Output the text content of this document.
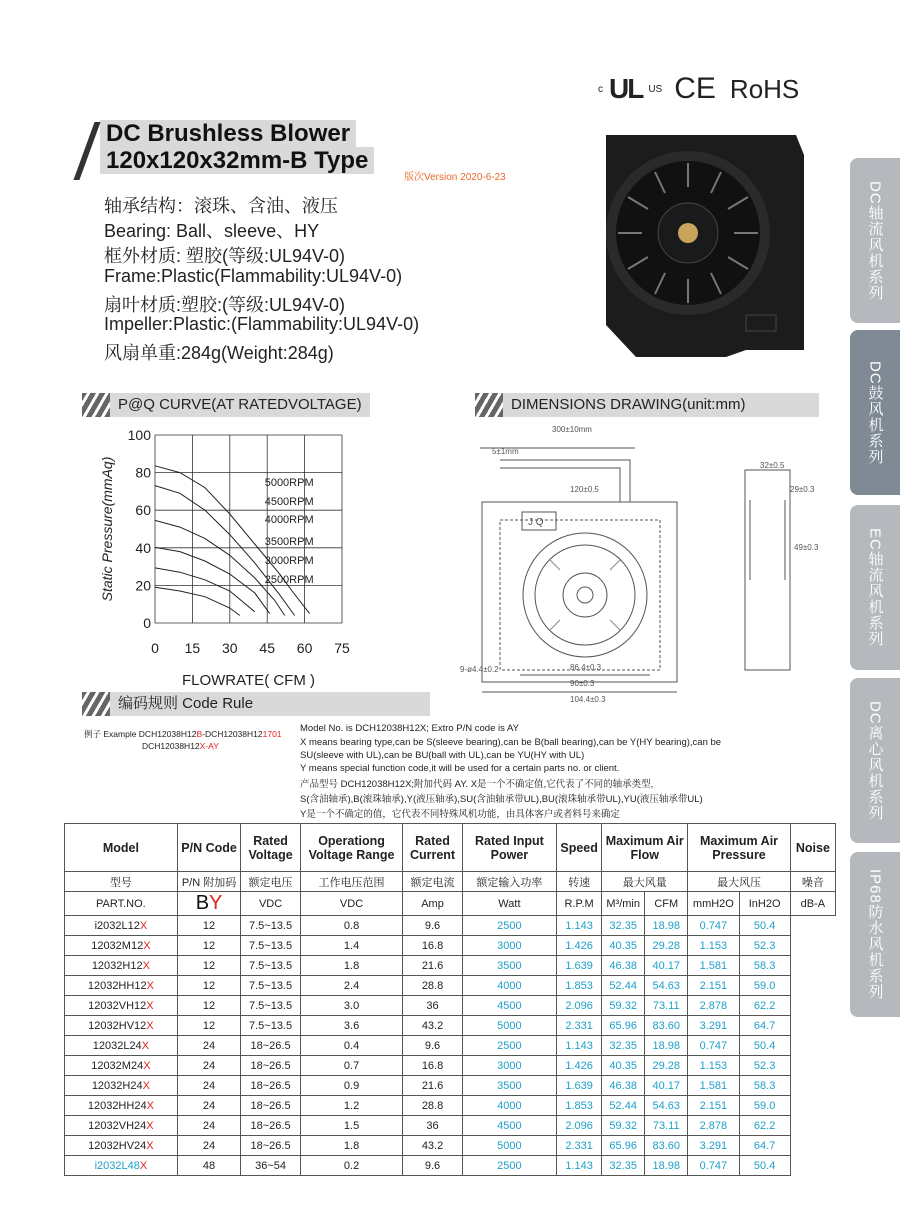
c UL US CE RoHS
DC Brushless Blower
120x120x32mm-B Type
版次Version 2020-6-23
轴承结构：滚珠、含油、液压
Bearing: Ball、sleeve、HY
框外材质: 塑胶(等级:UL94V-0)
Frame:Plastic(Flammability:UL94V-0)
扇叶材质:塑胶:(等级:UL94V-0)
Impeller:Plastic:(Flammability:UL94V-0)
风扇单重:284g(Weight:284g)
DC轴流风机系列
DC鼓风机系列
EC轴流风机系列
DC离心风机系列
IP68防水风机系列
P@Q CURVE(AT RATEDVOLTAGE)	DIMENSIONS DRAWING(unit:mm)
编码规则 Code Rule
0 15 30 45 60 75
0
20
40
60
80
100
5000RPM
4500RPM
4000RPM
3500RPM
3000RPM
2500RPM
FLOWRATE( CFM )
Static Pressure(mmAq)
300±10mm
5±1mm
32±0.5
120±0.5	29±0.3
49±0.3
86.4±0.3
90±0.3
104.4±0.3
9-ø4.4±0.2
J Q
例子 Example DCH12038H12B-DCH12038H121701
DCH12038H12X-AY
Model No. is DCH12038H12X; Extro P/N code is AY
X means bearing type,can be S(sleeve bearing),can be B(ball bearing),can be Y(HY bearing),can be
SU(sleeve with UL),can be BU(ball with UL),can be YU(HY with UL)
Y means special function code,it will be used for a certain parts no. or client.
产品型号 DCH12038H12X;附加代码 AY. X是一个不确定值,它代表了不同的轴承类型,
S(含油轴承),B(滚珠轴承),Y(液压轴承),SU(含油轴承带UL),BU(滚珠轴承带UL),YU(液压轴承带UL)
Y是一个不确定的值，它代表不同特殊风机功能，由具体客户或者料号来确定
Model	P/N Code	Rated Voltage	Operationg Voltage Range	Rated Current	Rated Input Power	Speed	Maximum Air Flow		Maximum Air Pressure		Noise
型号	P/N 附加码	额定电压	工作电压范围	额定电流	额定输入功率	转速	最大风量		最大风压		噪音
PART.NO.	BY	VDC	VDC	Amp	Watt	R.P.M	M³/min	CFM	mmH2O	InH2O	dB-A
i2032L12X	12	7.5~13.5	0.8	9.6	2500	1.143	32.35	18.98	0.747	50.4	
12032M12X	12	7.5~13.5	1.4	16.8	3000	1.426	40.35	29.28	1.153	52.3	
12032H12X	12	7.5~13.5	1.8	21.6	3500	1.639	46.38	40.17	1.581	58.3	
12032HH12X	12	7.5~13.5	2.4	28.8	4000	1.853	52.44	54.63	2.151	59.0	
12032VH12X	12	7.5~13.5	3.0	36	4500	2.096	59.32	73.11	2.878	62.2	
12032HV12X	12	7.5~13.5	3.6	43.2	5000	2.331	65.96	83.60	3.291	64.7	
12032L24X	24	18~26.5	0.4	9.6	2500	1.143	32.35	18.98	0.747	50.4	
12032M24X	24	18~26.5	0.7	16.8	3000	1.426	40.35	29.28	1.153	52.3	
12032H24X	24	18~26.5	0.9	21.6	3500	1.639	46.38	40.17	1.581	58.3	
12032HH24X	24	18~26.5	1.2	28.8	4000	1.853	52.44	54.63	2.151	59.0	
12032VH24X	24	18~26.5	1.5	36	4500	2.096	59.32	73.11	2.878	62.2	
12032HV24X	24	18~26.5	1.8	43.2	5000	2.331	65.96	83.60	3.291	64.7	
i2032L48X	48	36~54	0.2	9.6	2500	1.143	32.35	18.98	0.747	50.4	
